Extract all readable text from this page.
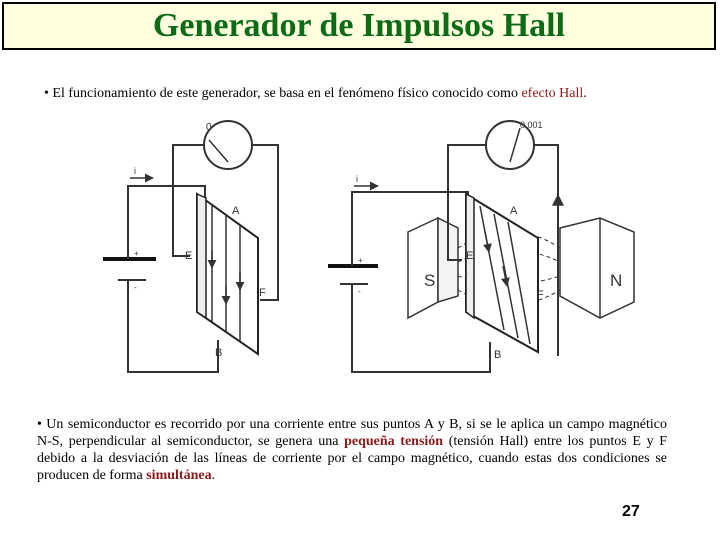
Generador de Impulsos Hall
• El funcionamiento de este generador, se basa en el fenómeno físico conocido como efecto Hall.
0
i
A
E
F
B
+
-
0.001
i
A
E
F
B
+
-
S	N
• Un semiconductor es recorrido por una corriente entre sus puntos A y B, si se le aplica un campo magnético N-S, perpendicular al semiconductor, se genera una pequeña tensión (tensión Hall) entre los puntos E y F debido a la desviación de las líneas de corriente por el campo magnético, cuando estas dos condiciones se producen de forma simultánea.
27
